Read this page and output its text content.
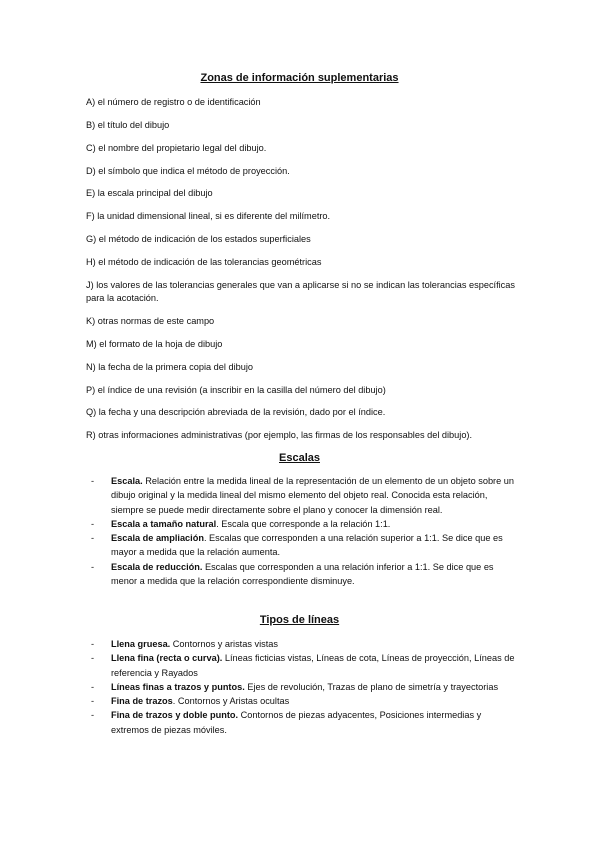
Zonas de información suplementarias

A) el número de registro o de identificación

B) el título del dibujo

C) el nombre del propietario legal del dibujo.

D) el símbolo que indica el método de proyección.

E) la escala principal del dibujo

F) la unidad dimensional lineal, si es diferente del milímetro.

G) el método de indicación de los estados superficiales

H) el método de indicación de las tolerancias geométricas

J) los valores de las tolerancias generales que van a aplicarse si no se indican las tolerancias específicas para la acotación.

K) otras normas de este campo

M) el formato de la hoja de dibujo

N) la fecha de la primera copia del dibujo

P) el índice de una revisión (a inscribir en la casilla del número del dibujo)

Q) la fecha y una descripción abreviada de la revisión, dado por el índice.

R) otras informaciones administrativas (por ejemplo, las firmas de los responsables del dibujo).

Escalas
- Escala. Relación entre la medida lineal de la representación de un elemento de un objeto sobre un dibujo original y la medida lineal del mismo elemento del objeto real. Conocida esta relación, siempre se puede medir directamente sobre el plano y conocer la dimensión real.
- Escala a tamaño natural. Escala que corresponde a la relación 1:1.
- Escala de ampliación. Escalas que corresponden a una relación superior a 1:1. Se dice que es mayor a medida que la relación aumenta.
- Escala de reducción. Escalas que corresponden a una relación inferior a 1:1. Se dice que es menor a medida que la relación correspondiente disminuye.
Tipos de líneas
- Llena gruesa. Contornos y aristas vistas
- Llena fina (recta o curva). Líneas ficticias vistas, Líneas de cota, Líneas de proyección, Líneas de referencia y Rayados
- Líneas finas a trazos y puntos. Ejes de revolución, Trazas de plano de simetría y trayectorias
- Fina de trazos. Contornos y Aristas ocultas
- Fina de trazos y doble punto. Contornos de piezas adyacentes, Posiciones intermedias y extremos de piezas móviles.
